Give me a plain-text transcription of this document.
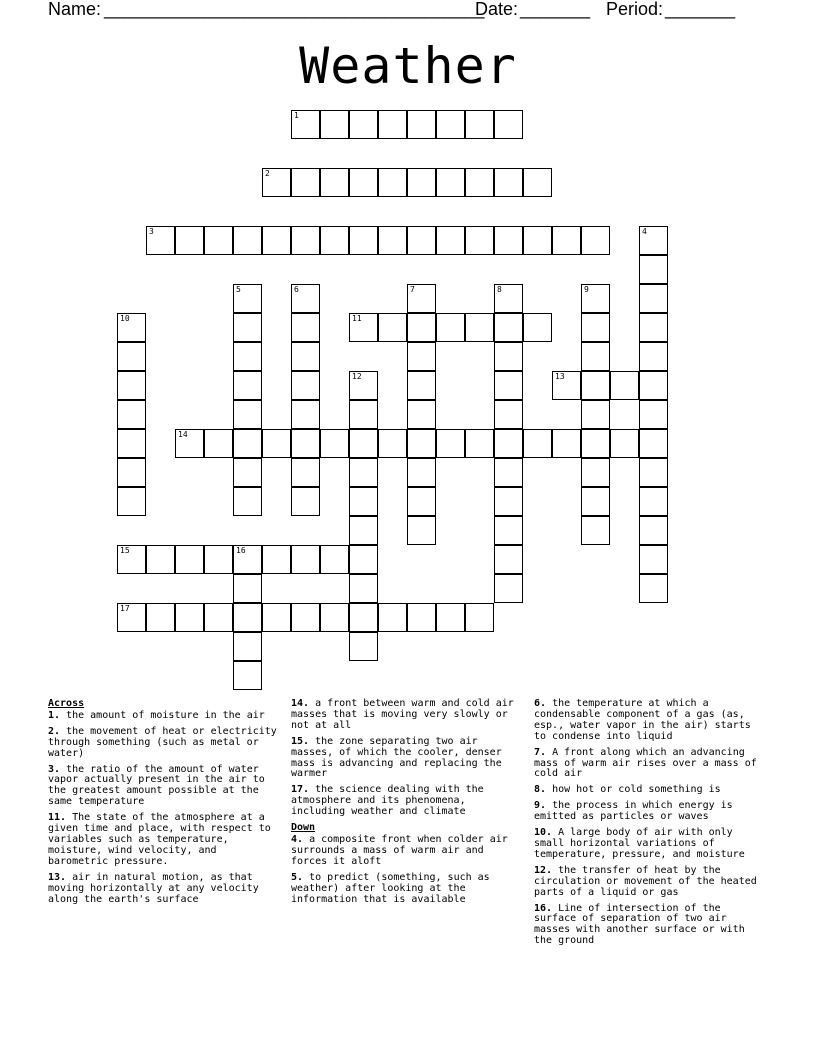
Name:

______________________________________

Date:

_______

Period:

_______

Weather
1
2
3	4
5	6	7	8	9
10	11
12	13
14
15	16
17
Across
1. the amount of moisture in the air
2. the movement of heat or electricity through something (such as metal or water)
3. the ratio of the amount of water vapor actually present in the air to the greatest amount possible at the same temperature
11. The state of the atmosphere at a given time and place, with respect to variables such as temperature, moisture, wind velocity, and barometric pressure.
13. air in natural motion, as that moving horizontally at any velocity along the earth's surface
14. a front between warm and cold air masses that is moving very slowly or not at all
15. the zone separating two air masses, of which the cooler, denser mass is advancing and replacing the warmer
17. the science dealing with the atmosphere and its phenomena, including weather and climate
Down
4. a composite front when colder air surrounds a mass of warm air and forces it aloft
5. to predict (something, such as weather) after looking at the information that is available
6. the temperature at which a condensable component of a gas (as, esp., water vapor in the air) starts to condense into liquid
7. A front along which an advancing mass of warm air rises over a mass of cold air
8. how hot or cold something is
9. the process in which energy is emitted as particles or waves
10. A large body of air with only small horizontal variations of temperature, pressure, and moisture
12. the transfer of heat by the circulation or movement of the heated parts of a liquid or gas
16. Line of intersection of the surface of separation of two air masses with another surface or with the ground
